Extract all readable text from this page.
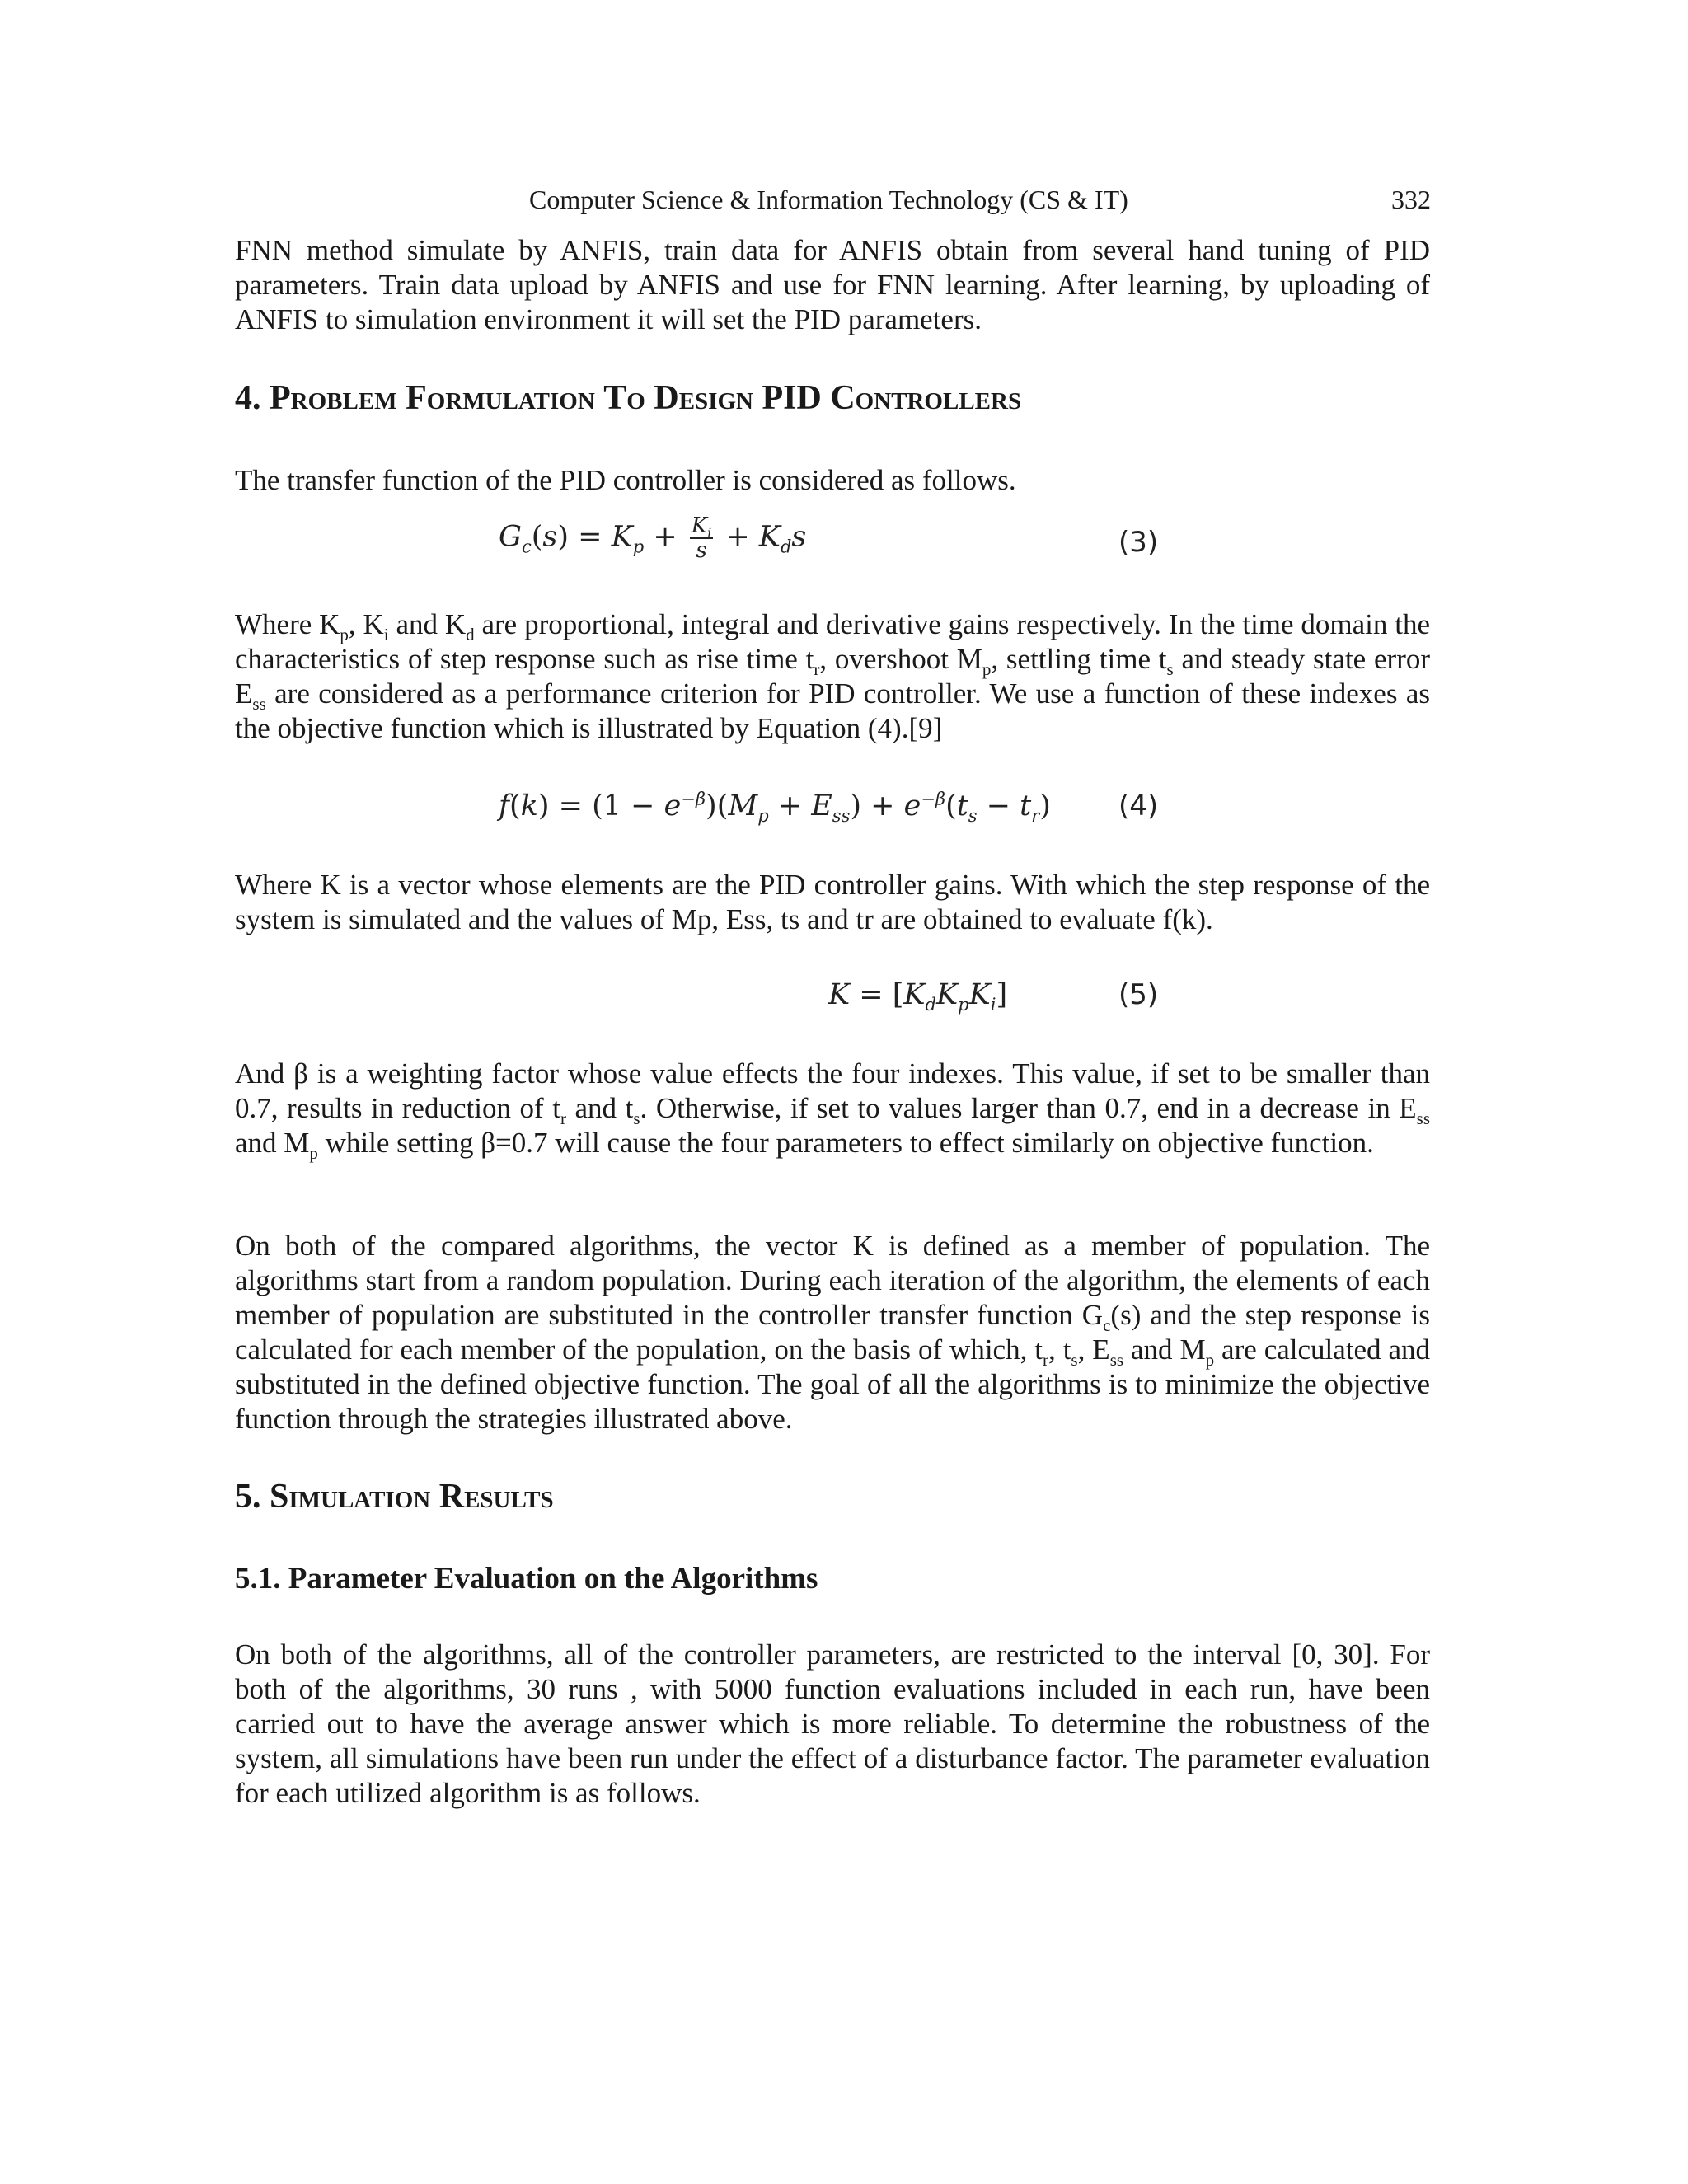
Computer Science & Information Technology (CS & IT)	332

FNN method simulate by ANFIS, train data for ANFIS obtain from several hand tuning of PID parameters. Train data upload by ANFIS and use for FNN learning. After learning, by uploading of ANFIS to simulation environment it will set the PID parameters.

4. Problem Formulation To Design PID Controllers

The transfer function of the PID controller is considered as follows.

$G_c(s) = K_p + \frac{K_i}{s} + K_ds$	(3)

Where $K_p$, $K_i$ and $K_d$ are proportional, integral and derivative gains respectively. In the time domain the characteristics of step response such as rise time $t_r$, overshoot $M_p$, settling time $t_s$ and steady state error $E_{ss}$ are considered as a performance criterion for PID controller. We use a function of these indexes as the objective function which is illustrated by Equation (4).[9]

$f(k) = (1 - e^{-\beta})(M_p + E_{ss}) + e^{-\beta}(t_s - t_r)$ (4)

Where K is a vector whose elements are the PID controller gains. With which the step response of the system is simulated and the values of Mp, Ess, ts and tr are obtained to evaluate f(k).

$K = [K_dK_pK_i]$	(5)

And β is a weighting factor whose value effects the four indexes. This value, if set to be smaller than 0.7, results in reduction of $t_r$ and $t_s$. Otherwise, if set to values larger than 0.7, end in a decrease in $E_{ss}$ and $M_p$ while setting β=0.7 will cause the four parameters to effect similarly on objective function.

On both of the compared algorithms, the vector K is defined as a member of population. The algorithms start from a random population. During each iteration of the algorithm, the elements of each member of population are substituted in the controller transfer function $G_c(s)$ and the step response is calculated for each member of the population, on the basis of which, $t_r$, $t_s$, $E_{ss}$ and $M_p$ are calculated and substituted in the defined objective function. The goal of all the algorithms is to minimize the objective function through the strategies illustrated above.

5. Simulation Results

5.1. Parameter Evaluation on the Algorithms

On both of the algorithms, all of the controller parameters, are restricted to the interval [0, 30]. For both of the algorithms, 30 runs , with 5000 function evaluations included in each run, have been carried out to have the average answer which is more reliable. To determine the robustness of the system, all simulations have been run under the effect of a disturbance factor. The parameter evaluation for each utilized algorithm is as follows.
